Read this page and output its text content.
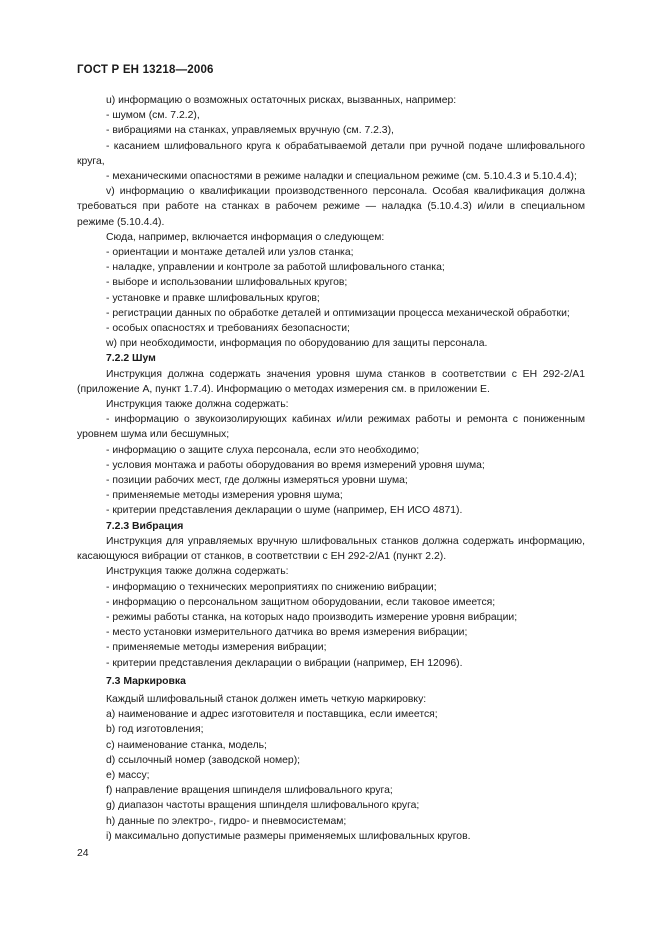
ГОСТ Р ЕН 13218—2006

u) информацию о возможных остаточных рисках, вызванных, например:

- шумом (см. 7.2.2),

- вибрациями на станках, управляемых вручную (см. 7.2.3),

- касанием шлифовального круга к обрабатываемой детали при ручной подаче шлифовального круга,

- механическими опасностями в режиме наладки и специальном режиме (см. 5.10.4.3 и 5.10.4.4);

v) информацию о квалификации производственного персонала. Особая квалификация должна требоваться при работе на станках в рабочем режиме — наладка (5.10.4.3) и/или в специальном режиме (5.10.4.4).

Сюда, например, включается информация о следующем:

- ориентации и монтаже деталей или узлов станка;

- наладке, управлении и контроле за работой шлифовального станка;

- выборе и использовании шлифовальных кругов;

- установке и правке шлифовальных кругов;

- регистрации данных по обработке деталей и оптимизации процесса механической обработки;

- особых опасностях и требованиях безопасности;

w) при необходимости, информация по оборудованию для защиты персонала.

7.2.2 Шум

Инструкция должна содержать значения уровня шума станков в соответствии с ЕН 292-2/А1 (приложение А, пункт 1.7.4). Информацию о методах измерения см. в приложении Е.

Инструкция также должна содержать:

- информацию о звукоизолирующих кабинах и/или режимах работы и ремонта с пониженным уровнем шума или бесшумных;

- информацию о защите слуха персонала, если это необходимо;

- условия монтажа и работы оборудования во время измерений уровня шума;

- позиции рабочих мест, где должны измеряться уровни шума;

- применяемые методы измерения уровня шума;

- критерии представления декларации о шуме (например, ЕН ИСО 4871).

7.2.3 Вибрация

Инструкция для управляемых вручную шлифовальных станков должна содержать информацию, касающуюся вибрации от станков, в соответствии с ЕН 292-2/А1 (пункт 2.2).

Инструкция также должна содержать:

- информацию о технических мероприятиях по снижению вибрации;

- информацию о персональном защитном оборудовании, если таковое имеется;

- режимы работы станка, на которых надо производить измерение уровня вибрации;

- место установки измерительного датчика во время измерения вибрации;

- применяемые методы измерения вибрации;

- критерии представления декларации о вибрации (например, ЕН 12096).

7.3 Маркировка

Каждый шлифовальный станок должен иметь четкую маркировку:

a) наименование и адрес изготовителя и поставщика, если имеется;

b) год изготовления;

c) наименование станка, модель;

d) ссылочный номер (заводской номер);

e) массу;

f) направление вращения шпинделя шлифовального круга;

g) диапазон частоты вращения шпинделя шлифовального круга;

h) данные по электро-, гидро- и пневмосистемам;

i) максимально допустимые размеры применяемых шлифовальных кругов.

24
